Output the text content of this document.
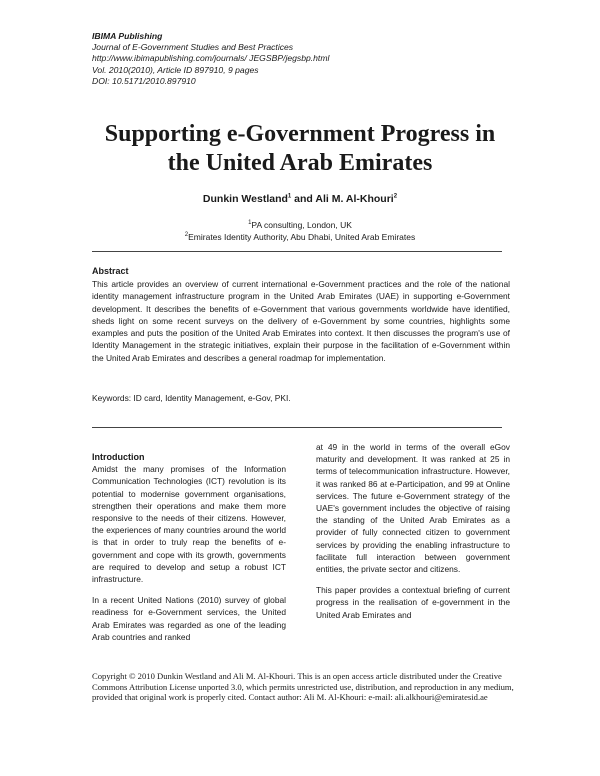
IBIMA Publishing
Journal of E-Government Studies and Best Practices
http://www.ibimapublishing.com/journals/ JEGSBP/jegsbp.html
Vol. 2010(2010), Article ID 897910, 9 pages
DOI: 10.5171/2010.897910
Supporting e-Government Progress in
the United Arab Emirates
Dunkin Westland$^1$ and Ali M. Al-Khouri$^2$
$^1$PA consulting, London, UK
$^2$Emirates Identity Authority, Abu Dhabi, United Arab Emirates
Abstract
This article provides an overview of current international e-Government practices and the role of the national identity management infrastructure program in the United Arab Emirates (UAE) in supporting e-Government development. It describes the benefits of e-Government that various governments worldwide have identified, sheds light on some recent surveys on the delivery of e-Government by some countries, highlights some examples and puts the position of the United Arab Emirates into context. It then discusses the program's use of Identity Management in the strategic initiatives, explain their purpose in the facilitation of e-Government within the United Arab Emirates and describes a general roadmap for implementation.
Keywords: ID card, Identity Management, e-Gov, PKI.

Introduction

Amidst the many promises of the Information Communication Technologies (ICT) revolution is its potential to modernise government organisations, strengthen their operations and make them more responsive to the needs of their citizens. However, the experiences of many countries around the world is that in order to truly reap the benefits of e-government and cope with its growth, governments are required to develop and setup a robust ICT infrastructure.

In a recent United Nations (2010) survey of global readiness for e-Government services, the United Arab Emirates was regarded as one of the leading Arab countries and ranked

at 49 in the world in terms of the overall eGov maturity and development. It was ranked at 25 in terms of telecommunication infrastructure. However, it was ranked 86 at e-Participation, and 99 at Online services. The future e-Government strategy of the UAE's government includes the objective of raising the standing of the United Arab Emirates as a provider of fully connected citizen to government services by providing the enabling infrastructure to facilitate full interaction between government entities, the private sector and citizens.

This paper provides a contextual briefing of current progress in the realisation of e-government in the United Arab Emirates and

Copyright © 2010 Dunkin Westland and Ali M. Al-Khouri. This is an open access article distributed under the Creative Commons Attribution License unported 3.0, which permits unrestricted use, distribution, and reproduction in any medium, provided that original work is properly cited. Contact author: Ali M. Al-Khouri: e-mail: ali.alkhouri@emiratesid.ae
